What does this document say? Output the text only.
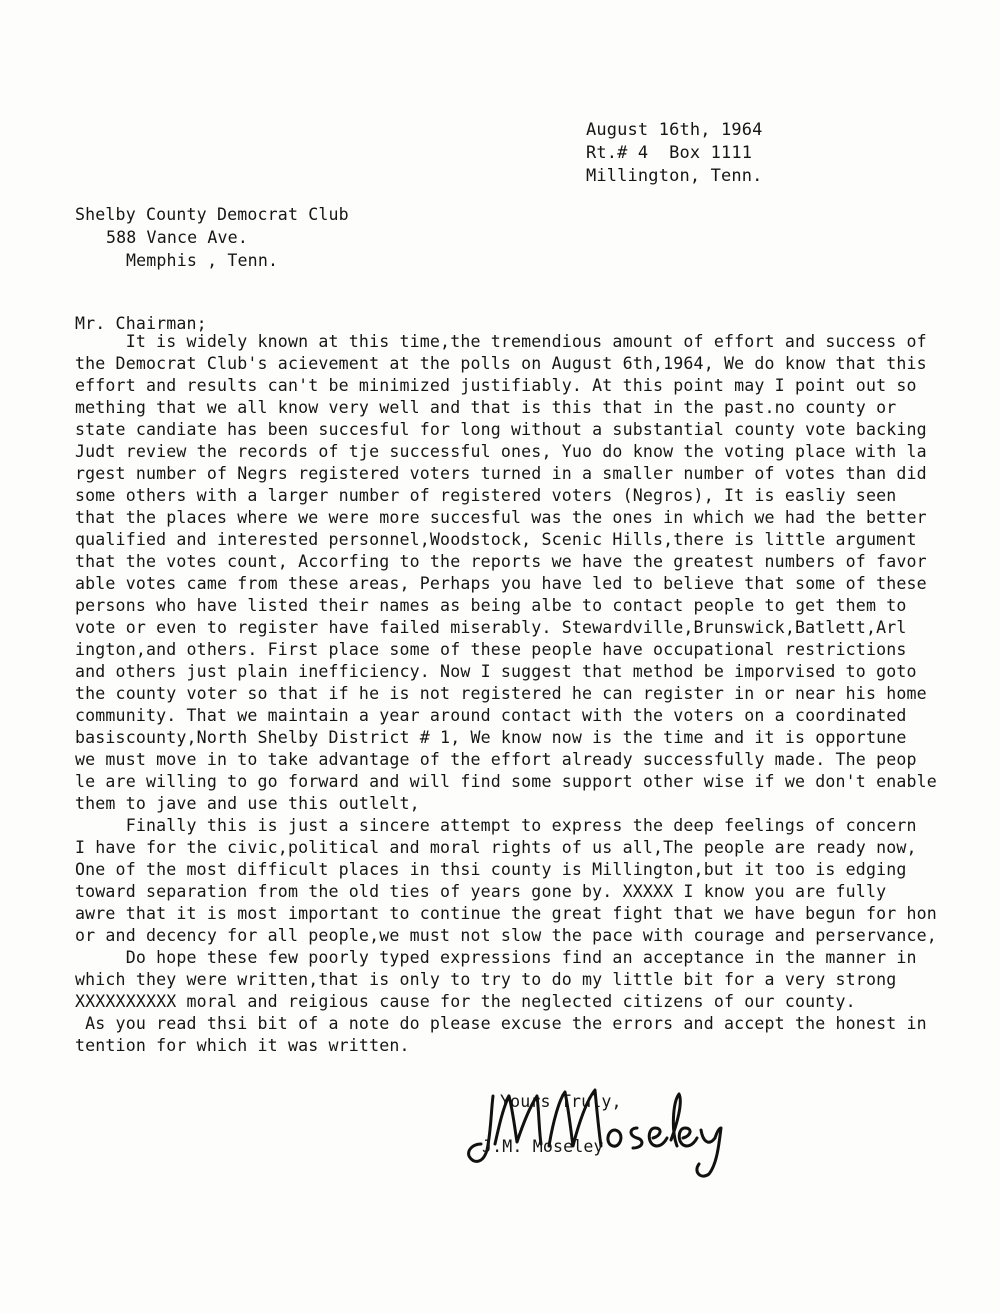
August 16th, 1964
Rt.# 4  Box 1111
Millington, Tenn.
Shelby County Democrat Club
588 Vance Ave.
Memphis , Tenn.
Mr. Chairman;
It is widely known at this time,the tremendious amount of effort and success of
the Democrat Club's acievement at the polls on August 6th,1964, We do know that this
effort and results can't be minimized justifiably. At this point may I point out so
mething that we all know very well and that is this that in the past.no county or
state candiate has been succesful for long without a substantial county vote backing
Judt review the records of tje successful ones, Yuo do know the voting place with la
rgest number of Negrs registered voters turned in a smaller number of votes than did
some others with a larger number of registered voters (Negros), It is easliy seen
that the places where we were more succesful was the ones in which we had the better
qualified and interested personnel,Woodstock, Scenic Hills,there is little argument
that the votes count, Accorfing to the reports we have the greatest numbers of favor
able votes came from these areas, Perhaps you have led to believe that some of these
persons who have listed their names as being albe to contact people to get them to
vote or even to register have failed miserably. Stewardville,Brunswick,Batlett,Arl
ington,and others. First place some of these people have occupational restrictions
and others just plain inefficiency. Now I suggest that method be imporvised to goto
the county voter so that if he is not registered he can register in or near his home
community. That we maintain a year around contact with the voters on a coordinated
basiscounty,North Shelby District # 1, We know now is the time and it is opportune
we must move in to take advantage of the effort already successfully made. The peop
le are willing to go forward and will find some support other wise if we don't enable
them to jave and use this outlelt,
Finally this is just a sincere attempt to express the deep feelings of concern
I have for the civic,political and moral rights of us all,The people are ready now,
One of the most difficult places in thsi county is Millington,but it too is edging
toward separation from the old ties of years gone by. XXXXX I know you are fully
awre that it is most important to continue the great fight that we have begun for hon
or and decency for all people,we must not slow the pace with courage and perservance,
Do hope these few poorly typed expressions find an acceptance in the manner in
which they were written,that is only to try to do my little bit for a very strong
XXXXXXXXXX moral and reigious cause for the neglected citizens of our county.
As you read thsi bit of a note do please excuse the errors and accept the honest in
tention for which it was written.
Yours Truly,
J.M. Moseley
